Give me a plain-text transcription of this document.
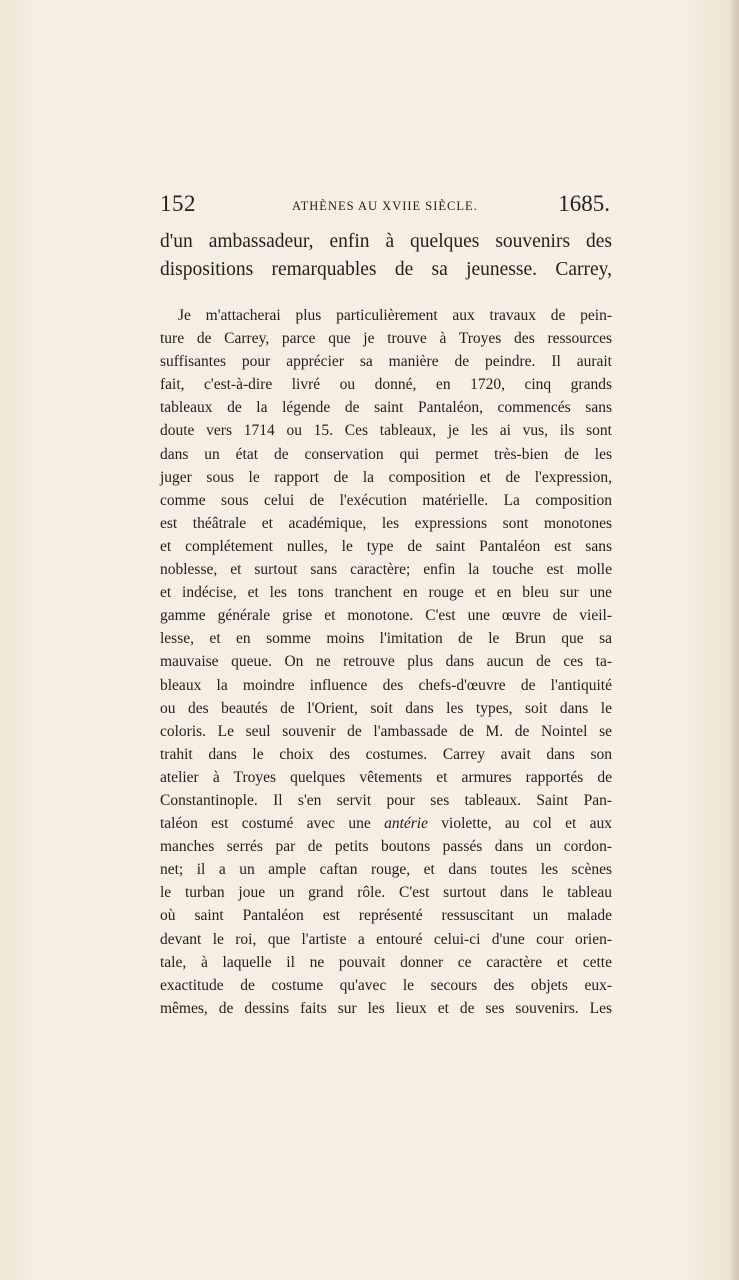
152	ATHÈNES AU XVIIE SIÈCLE.	1685.
d'un ambassadeur, enfin à quelques souvenirs des
dispositions remarquables de sa jeunesse. Carrey,
Je m'attacherai plus particulièrement aux travaux de pein-
ture de Carrey, parce que je trouve à Troyes des ressources
suffisantes pour apprécier sa manière de peindre. Il aurait
fait, c'est-à-dire livré ou donné, en 1720, cinq grands
tableaux de la légende de saint Pantaléon, commencés sans
doute vers 1714 ou 15. Ces tableaux, je les ai vus, ils sont
dans un état de conservation qui permet très-bien de les
juger sous le rapport de la composition et de l'expression,
comme sous celui de l'exécution matérielle. La composition
est théâtrale et académique, les expressions sont monotones
et complétement nulles, le type de saint Pantaléon est sans
noblesse, et surtout sans caractère; enfin la touche est molle
et indécise, et les tons tranchent en rouge et en bleu sur une
gamme générale grise et monotone. C'est une œuvre de vieil-
lesse, et en somme moins l'imitation de le Brun que sa
mauvaise queue. On ne retrouve plus dans aucun de ces ta-
bleaux la moindre influence des chefs-d'œuvre de l'antiquité
ou des beautés de l'Orient, soit dans les types, soit dans le
coloris. Le seul souvenir de l'ambassade de M. de Nointel se
trahit dans le choix des costumes. Carrey avait dans son
atelier à Troyes quelques vêtements et armures rapportés de
Constantinople. Il s'en servit pour ses tableaux. Saint Pan-
taléon est costumé avec une antérie violette, au col et aux
manches serrés par de petits boutons passés dans un cordon-
net; il a un ample caftan rouge, et dans toutes les scènes
le turban joue un grand rôle. C'est surtout dans le tableau
où saint Pantaléon est représenté ressuscitant un malade
devant le roi, que l'artiste a entouré celui-ci d'une cour orien-
tale, à laquelle il ne pouvait donner ce caractère et cette
exactitude de costume qu'avec le secours des objets eux-
mêmes, de dessins faits sur les lieux et de ses souvenirs. Les
